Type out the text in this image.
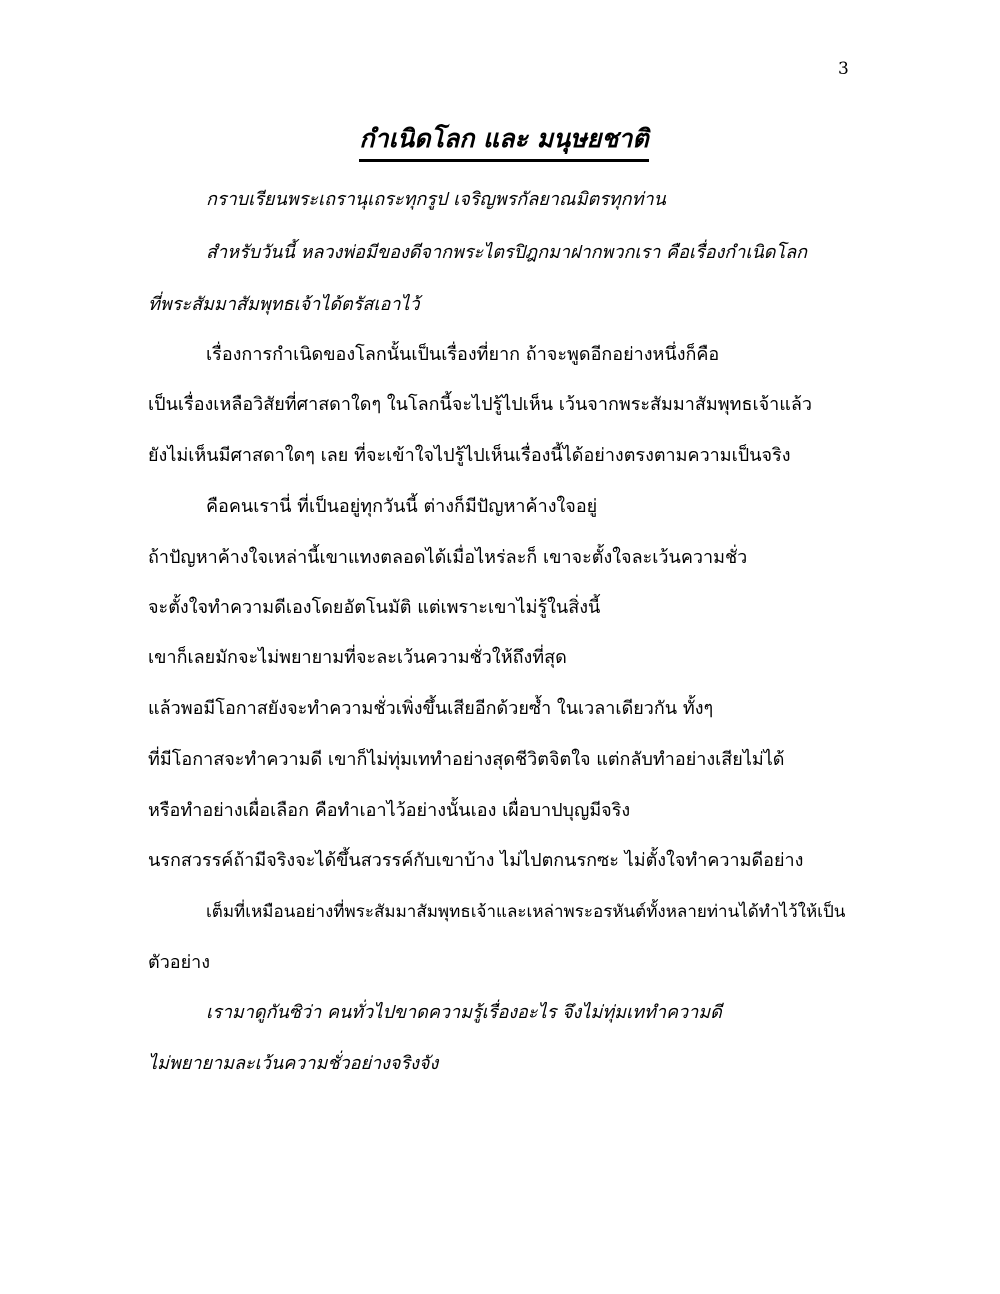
3
กำเนิดโลก และ มนุษยชาติ
กราบเรียนพระเถรานุเถระทุกรูป เจริญพรกัลยาณมิตรทุกท่าน
สำหรับวันนี้ หลวงพ่อมีของดีจากพระไตรปิฎกมาฝากพวกเรา คือเรื่องกำเนิดโลก
ที่พระสัมมาสัมพุทธเจ้าได้ตรัสเอาไว้
เรื่องการกำเนิดของโลกนั้นเป็นเรื่องที่ยาก ถ้าจะพูดอีกอย่างหนึ่งก็คือ
เป็นเรื่องเหลือวิสัยที่ศาสดาใดๆ ในโลกนี้จะไปรู้ไปเห็น เว้นจากพระสัมมาสัมพุทธเจ้าแล้ว
ยังไม่เห็นมีศาสดาใดๆ เลย ที่จะเข้าใจไปรู้ไปเห็นเรื่องนี้ได้อย่างตรงตามความเป็นจริง
คือคนเรานี่ ที่เป็นอยู่ทุกวันนี้ ต่างก็มีปัญหาค้างใจอยู่
ถ้าปัญหาค้างใจเหล่านี้เขาแทงตลอดได้เมื่อไหร่ละก็ เขาจะตั้งใจละเว้นความชั่ว
จะตั้งใจทำความดีเองโดยอัตโนมัติ แต่เพราะเขาไม่รู้ในสิ่งนี้
เขาก็เลยมักจะไม่พยายามที่จะละเว้นความชั่วให้ถึงที่สุด
แล้วพอมีโอกาสยังจะทำความชั่วเพิ่งขึ้นเสียอีกด้วยซ้ำ ในเวลาเดียวกัน ทั้งๆ
ที่มีโอกาสจะทำความดี เขาก็ไม่ทุ่มเททำอย่างสุดชีวิตจิตใจ แต่กลับทำอย่างเสียไม่ได้
หรือทำอย่างเผื่อเลือก คือทำเอาไว้อย่างนั้นเอง เผื่อบาปบุญมีจริง
นรกสวรรค์ถ้ามีจริงจะได้ขึ้นสวรรค์กับเขาบ้าง ไม่ไปตกนรกซะ ไม่ตั้งใจทำความดีอย่าง
เต็มที่เหมือนอย่างที่พระสัมมาสัมพุทธเจ้าและเหล่าพระอรหันต์ทั้งหลายท่านได้ทำไว้ให้เป็น
ตัวอย่าง
เรามาดูกันซิว่า คนทั่วไปขาดความรู้เรื่องอะไร จึงไม่ทุ่มเททำความดี
ไม่พยายามละเว้นความชั่วอย่างจริงจัง
